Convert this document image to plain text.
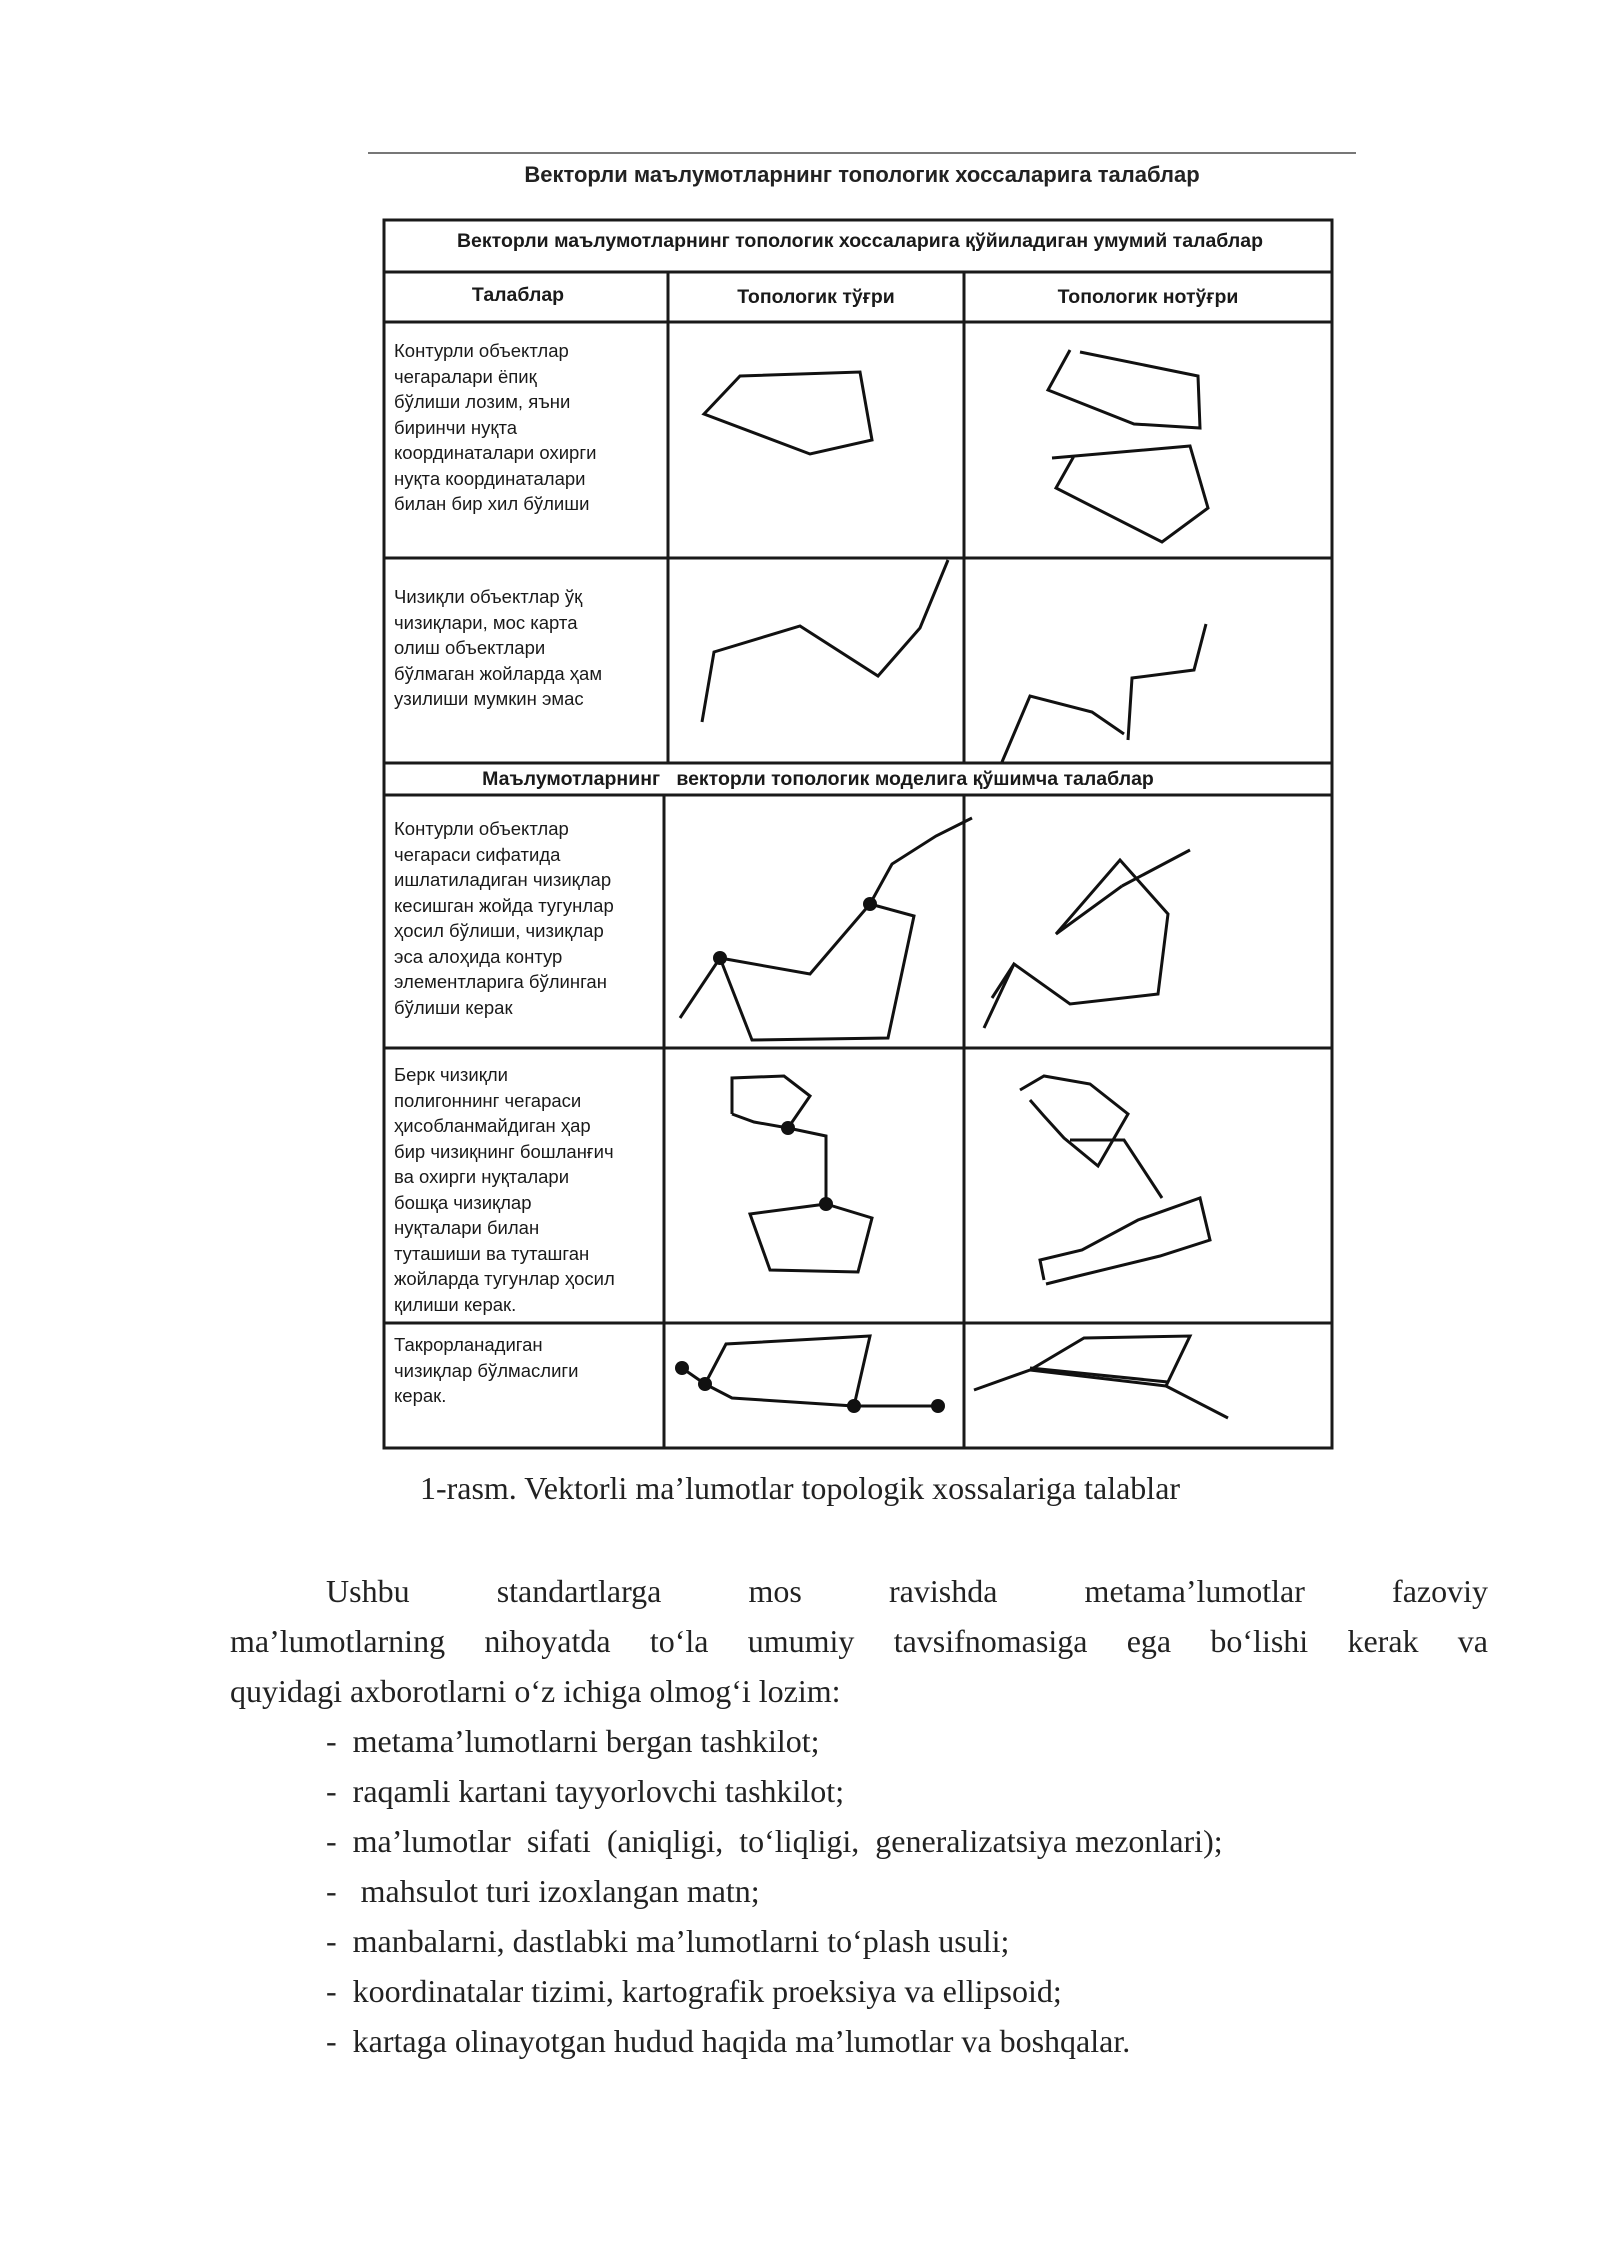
Векторли маълумотларнинг топологик хоссаларига талаблар
Векторли маълумотларнинг топологик хоссаларига қўйиладиган умумий талаблар
Талаблар	Топологик тўғри	Топологик нотўғри
Маълумотларнинг   векторли топологик моделига қўшимча талаблар
Контурли объектлар
чегаралари ёпиқ
бўлиши лозим, яъни
биринчи нуқта
координаталари охирги
нуқта координаталари
билан бир хил бўлиши
Чизиқли объектлар ўқ
чизиқлари, мос карта
олиш объектлари
бўлмаган жойларда ҳам
узилиши мумкин эмас
Контурли объектлар
чегараси сифатида
ишлатиладиган чизиқлар
кесишган жойда тугунлар
ҳосил бўлиши, чизиқлар
эса алоҳида контур
элементларига бўлинган
бўлиши керак
Берк чизиқли
полигоннинг чегараси
ҳисобланмайдиган ҳар
бир чизиқнинг бошланғич
ва охирги нуқталари
бошқа чизиқлар
нуқталари билан
туташиши ва туташган
жойларда тугунлар ҳосил
қилиши керак.
Такрорланадиган
чизиқлар бўлмаслиги
керак.
1-rasm. Vektorli ma’lumotlar topologik xossalariga talablar
Ushbu standartlarga mos ravishda metama’lumotlar fazoviy
ma’lumotlarning nihoyatda to‘la umumiy tavsifnomasiga ega bo‘lishi kerak va
quyidagi axborotlarni o‘z ichiga olmog‘i lozim:
-  metama’lumotlarni bergan tashkilot;
-  raqamli kartani tayyorlovchi tashkilot;
-  ma’lumotlar  sifati  (aniqligi,  to‘liqligi,  generalizatsiya mezonlari);
-   mahsulot turi izoxlangan matn;
-  manbalarni, dastlabki ma’lumotlarni to‘plash usuli;
-  koordinatalar tizimi, kartografik proeksiya va ellipsoid;
-  kartaga olinayotgan hudud haqida ma’lumotlar va boshqalar.
